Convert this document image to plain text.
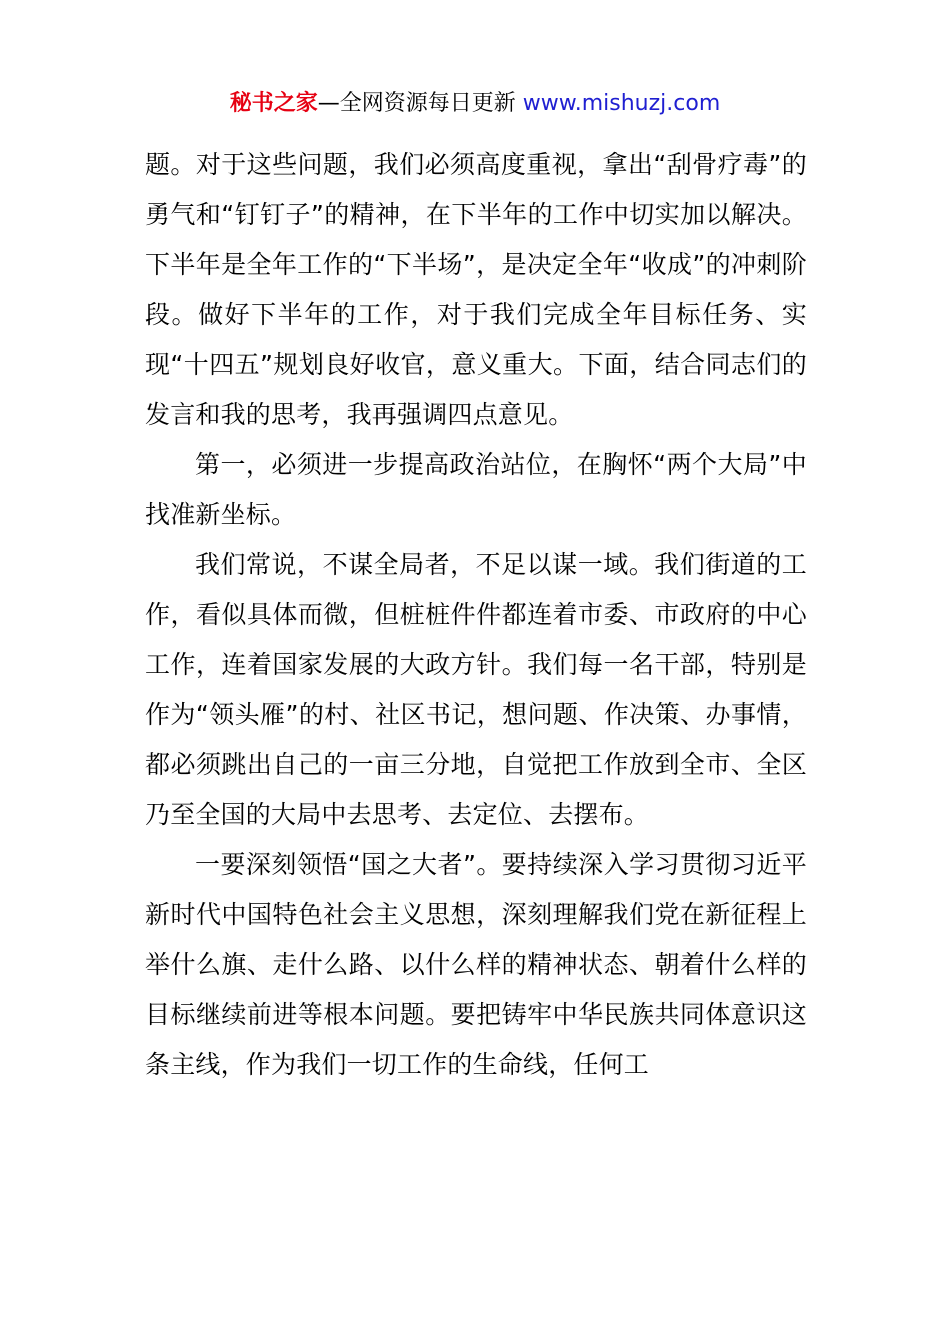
秘书之家—全网资源每日更新 www.mishuzj.com

题。对于这些问题，我们必须高度重视，拿出“刮骨疗毒”的勇气和“钉钉子”的精神，在下半年的工作中切实加以解决。下半年是全年工作的“下半场”，是决定全年“收成”的冲刺阶段。做好下半年的工作，对于我们完成全年目标任务、实现“十四五”规划良好收官，意义重大。下面，结合同志们的发言和我的思考，我再强调四点意见。

第一，必须进一步提高政治站位，在胸怀“两个大局”中找准新坐标。

我们常说，不谋全局者，不足以谋一域。我们街道的工作，看似具体而微，但桩桩件件都连着市委、市政府的中心工作，连着国家发展的大政方针。我们每一名干部，特别是作为“领头雁”的村、社区书记，想问题、作决策、办事情，都必须跳出自己的一亩三分地，自觉把工作放到全市、全区乃至全国的大局中去思考、去定位、去摆布。

一要深刻领悟“国之大者”。要持续深入学习贯彻习近平新时代中国特色社会主义思想，深刻理解我们党在新征程上举什么旗、走什么路、以什么样的精神状态、朝着什么样的目标继续前进等根本问题。要把铸牢中华民族共同体意识这条主线，作为我们一切工作的生命线，任何工
